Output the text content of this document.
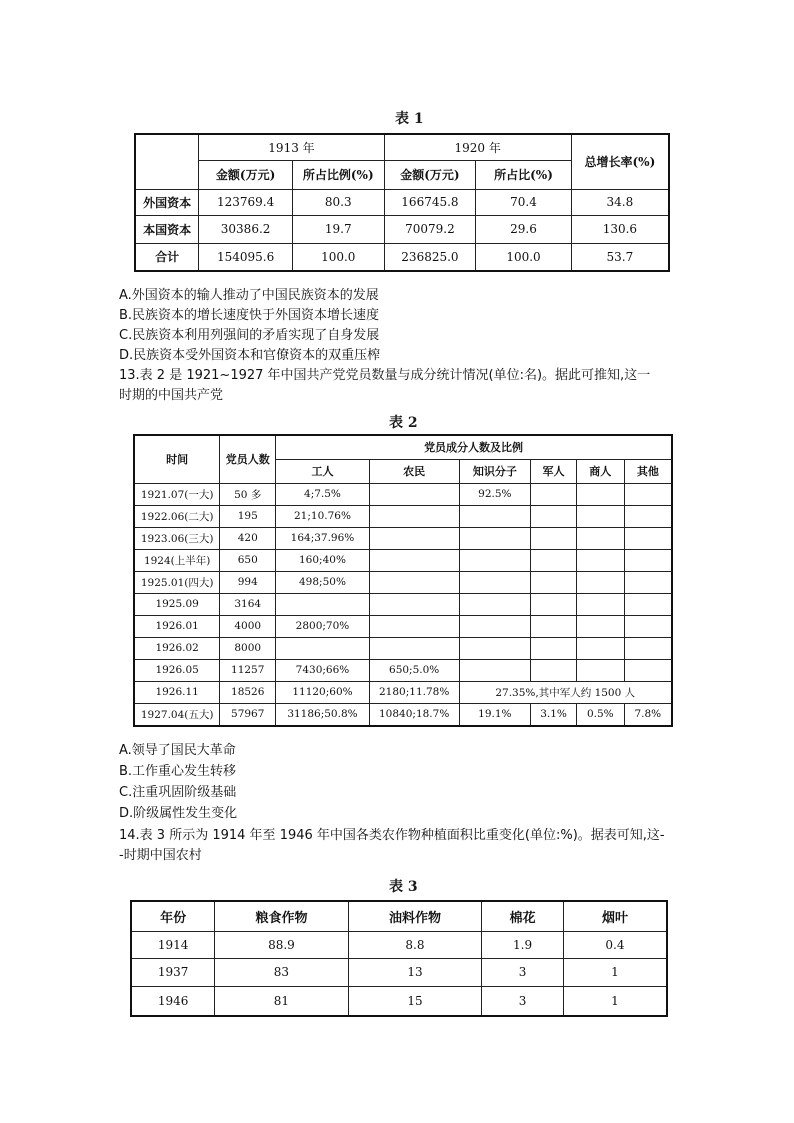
表 1
	1913 年		1920 年		总增长率(%)
	金额(万元)	所占比例(%)	金额(万元)	所占比(%)	
外国资本	123769.4	80.3	166745.8	70.4	34.8
本国资本	30386.2	19.7	70079.2	29.6	130.6
合计	154095.6	100.0	236825.0	100.0	53.7
A.外国资本的输人推动了中国民族资本的发展
B.民族资本的增长速度快于外国资本增长速度
C.民族资本利用列强间的矛盾实现了自身发展
D.民族资本受外国资本和官僚资本的双重压榨
13.表 2 是 1921~1927 年中国共产党党员数量与成分统计情况(单位:名)。据此可推知,这一
时期的中国共产党
表 2
时间	党员人数	党员成分人数及比例					
		工人	农民	知识分子	军人	商人	其他
1921.07(一大)	50 多	4;7.5%		92.5%			
1922.06(二大)	195	21;10.76%					
1923.06(三大)	420	164;37.96%					
1924(上半年)	650	160;40%					
1925.01(四大)	994	498;50%					
1925.09	3164						
1926.01	4000	2800;70%					
1926.02	8000						
1926.05	11257	7430;66%	650;5.0%				
1926.11	18526	11120;60%	2180;11.78%	27.35%,其中军人约 1500 人			
1927.04(五大)	57967	31186;50.8%	10840;18.7%	19.1%	3.1%	0.5%	7.8%
A.领导了国民大革命
B.工作重心发生转移
C.注重巩固阶级基础
D.阶级属性发生变化
14.表 3 所示为 1914 年至 1946 年中国各类农作物种植面积比重变化(单位:%)。据表可知,这-
-时期中国农村
表 3
年份	粮食作物	油料作物	棉花	烟叶
1914	88.9	8.8	1.9	0.4
1937	83	13	3	1
1946	81	15	3	1
